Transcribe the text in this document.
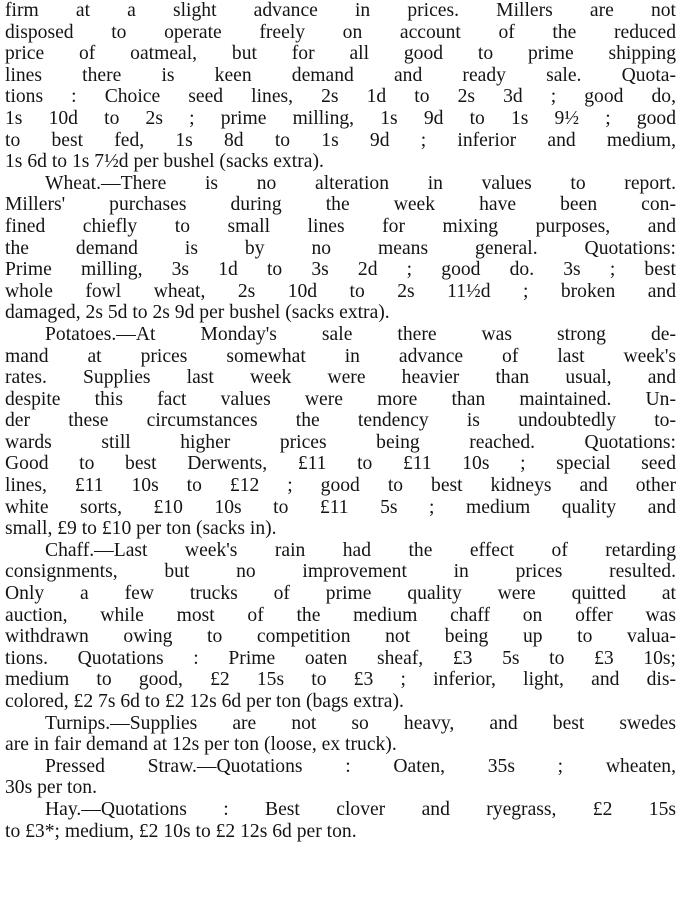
firm at a slight advance in prices. Millers are not
disposed to operate freely on account of the reduced
price of oatmeal, but for all good to prime shipping
lines there is keen demand and ready sale. Quota-
tions : Choice seed lines, 2s 1d to 2s 3d ; good do,
1s 10d to 2s ; prime milling, 1s 9d to 1s 9½ ; good
to best fed, 1s 8d to 1s 9d ; inferior and medium,
1s 6d to 1s 7½d per bushel (sacks extra).
Wheat.—There is no alteration in values to report.
Millers' purchases during the week have been con-
fined chiefly to small lines for mixing purposes, and
the demand is by no means general. Quotations:
Prime milling, 3s 1d to 3s 2d ; good do. 3s ; best
whole fowl wheat, 2s 10d to 2s 11½d ; broken and
damaged, 2s 5d to 2s 9d per bushel (sacks extra).
Potatoes.—At Monday's sale there was strong de-
mand at prices somewhat in advance of last week's
rates. Supplies last week were heavier than usual, and
despite this fact values were more than maintained. Un-
der these circumstances the tendency is undoubtedly to-
wards still higher prices being reached. Quotations:
Good to best Derwents, £11 to £11 10s ; special seed
lines, £11 10s to £12 ; good to best kidneys and other
white sorts, £10 10s to £11 5s ; medium quality and
small, £9 to £10 per ton (sacks in).
Chaff.—Last week's rain had the effect of retarding
consignments, but no improvement in prices resulted.
Only a few trucks of prime quality were quitted at
auction, while most of the medium chaff on offer was
withdrawn owing to competition not being up to valua-
tions. Quotations : Prime oaten sheaf, £3 5s to £3 10s;
medium to good, £2 15s to £3 ; inferior, light, and dis-
colored, £2 7s 6d to £2 12s 6d per ton (bags extra).
Turnips.—Supplies are not so heavy, and best swedes
are in fair demand at 12s per ton (loose, ex truck).
Pressed Straw.—Quotations : Oaten, 35s ; wheaten,
30s per ton.
Hay.—Quotations : Best clover and ryegrass, £2 15s
to £3*; medium, £2 10s to £2 12s 6d per ton.
